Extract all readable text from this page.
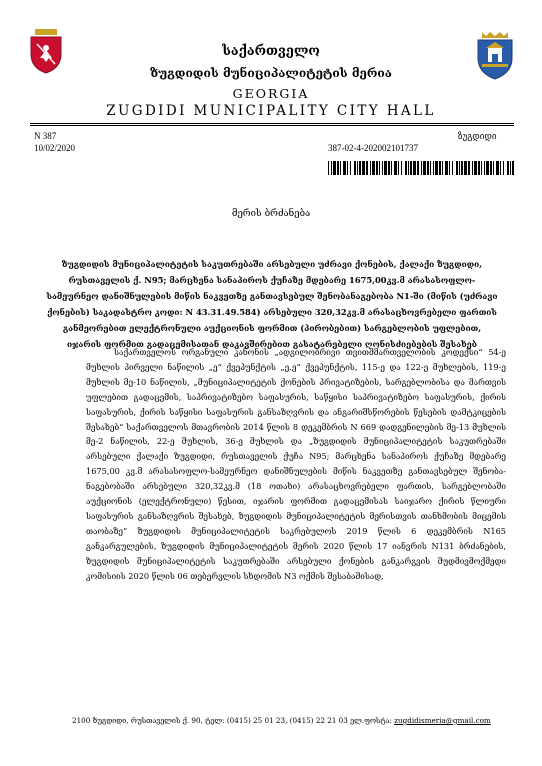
საქართველო
ზუგდიდის მუნიციპალიტეტის მერია
GEORGIA
ZUGDIDI MUNICIPALITY CITY HALL
N 387
10/02/2020
ზუგდიდი
387-02-4-202002101737
მერის ბრძანება
ზუგდიდის მუნიციპალიტეტის საკუთრებაში არსებული უძრავი ქონების, ქალაქი ზუგდიდი, რუსთაველის ქ. N95; მარცხენა სანაპიროს ქუჩაზე მდებარე 1675,00კვ.მ არასასოფლო-სამეურნეო დანიშნულების მიწის ნაკვეთზე განთავსებულ შენობანაგებობა N1-ში (მიწის (უძრავი ქონების) საკადასტრო კოდი: N 43.31.49.584) არსებული 320,32კვ.მ არასაცხოვრებელი ფართის განმეორებით ელექტრონული აუქციონის ფორმით (პირობებით) სარგებლობის უფლებით, იჯარის ფორმით გადაცემისათან დაკავშირებით გასატარებელი ღონისძიებების შესახებ
საქართველოს ორგანული კანონის „ადგილობრივი თვითმმართველობის კოდექსი“ 54-ე მუხლის პირველი ნაწილის „ე“ ქვეპუნქტის „ე.ე“ ქვეპუნქტის, 115-ე და 122-ე მუხლების, 119-ე მუხლის მე-10 ნაწილის, „მუნიციპალიტეტის ქონების პრივატიზების, სარგებლობისა და მართვის უფლებით გადაცემის, საპრივატიზებო საფასურის, საწყისი საპრივატიზებო საფასურის, ქირის საფასურის, ქირის საწყისი საფასურის განსაზღვრის და ანგარიშსწორების წესების დამტკიცების შესახებ“ საქართველოს მთავრობის 2014 წლის 8 დეკემბრის N 669 დადგენილების მე-13 მუხლის მე-2 ნაწილის, 22-ე მუხლის, 36-ე მუხლის და „ზუგდიდის მუნიციპალიტეტის საკუთრებაში არსებული ქალაქი ზუგდიდი, რუსთაველის ქუჩა N95; მარცხენა სანაპიროს ქუჩაზე მდებარე 1675,00 კვ.მ არასასოფლო-სამეურნეო დანიშნულების მიწის ნაკვეთზე განთავსებულ შენობა-ნაგებობაში არსებული 320,32კვ.მ (18 ოთახი) არასაცხოვრებელი ფართის, სარგებლობაში აუქციონის (ელექტრონული) წესით, იჯარის ფორმით გადაცემისას საიჯარო ქირის წლიური საფასურის განსაზღვრის შესახებ, ზუგდიდის მუნიციპალიტეტის მერისთვის თანხმობის მიცემის თაობაზე“ ზუგდიდის მუნიციპალიტეტის საკრებულოს 2019 წლის 6 დეკემბრის N165 განკარგულების, ზუგდიდის მუნიციპალიტეტის მერის 2020 წლის 17 იანვრის N131 ბრძანების, ზუგდიდის მუნიციპალიტეტის საკუთრებაში არსებული ქონების განკარგვის მუდმივმოქმედი კომისიის 2020 წლის 06 თებერვლის სხდომის N3 ოქმის შესაბამისად,
2100 ზუგდიდი, რუსთაველის ქ. 90, ტელ: (0415) 25 01 23, (0415) 22 21 03 ელ.ფოსტა: zugdidismeria@gmail.com
